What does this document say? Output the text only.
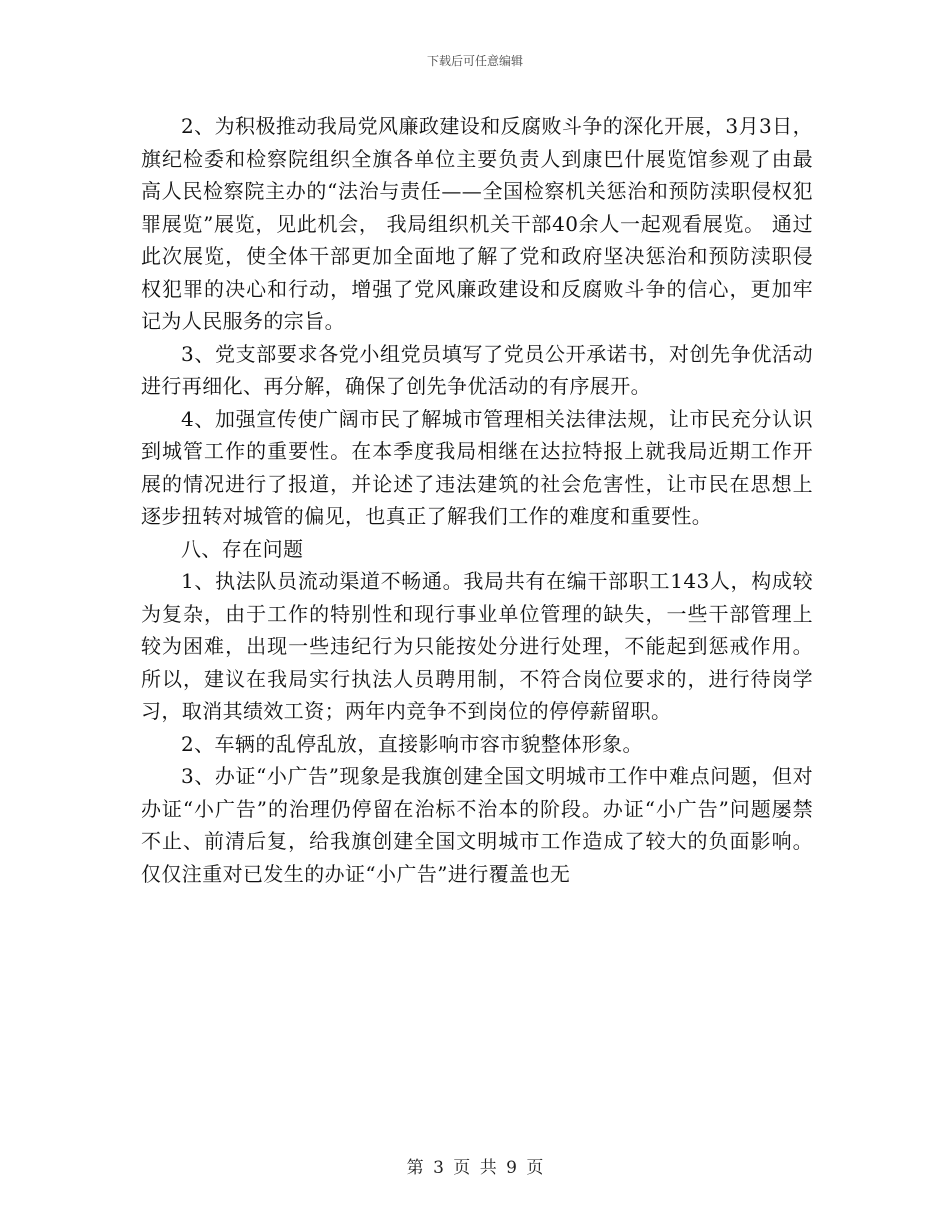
下载后可任意编辑

2、为积极推动我局党风廉政建设和反腐败斗争的深化开展，3月3日，旗纪检委和检察院组织全旗各单位主要负责人到康巴什展览馆参观了由最高人民检察院主办的“法治与责任——全国检察机关惩治和预防渎职侵权犯罪展览”展览，见此机会， 我局组织机关干部40余人一起观看展览。 通过此次展览，使全体干部更加全面地了解了党和政府坚决惩治和预防渎职侵权犯罪的决心和行动，增强了党风廉政建设和反腐败斗争的信心，更加牢记为人民服务的宗旨。

3、党支部要求各党小组党员填写了党员公开承诺书，对创先争优活动进行再细化、再分解，确保了创先争优活动的有序展开。

4、加强宣传使广阔市民了解城市管理相关法律法规，让市民充分认识到城管工作的重要性。在本季度我局相继在达拉特报上就我局近期工作开展的情况进行了报道，并论述了违法建筑的社会危害性，让市民在思想上逐步扭转对城管的偏见，也真正了解我们工作的难度和重要性。

八、存在问题

1、执法队员流动渠道不畅通。我局共有在编干部职工143人，构成较为复杂，由于工作的特别性和现行事业单位管理的缺失，一些干部管理上较为困难，出现一些违纪行为只能按处分进行处理，不能起到惩戒作用。所以，建议在我局实行执法人员聘用制，不符合岗位要求的，进行待岗学习，取消其绩效工资；两年内竞争不到岗位的停停薪留职。

2、车辆的乱停乱放，直接影响市容市貌整体形象。

3、办证“小广告”现象是我旗创建全国文明城市工作中难点问题，但对办证“小广告”的治理仍停留在治标不治本的阶段。办证“小广告”问题屡禁不止、前清后复，给我旗创建全国文明城市工作造成了较大的负面影响。仅仅注重对已发生的办证“小广告”进行覆盖也无

第 3 页 共 9 页
